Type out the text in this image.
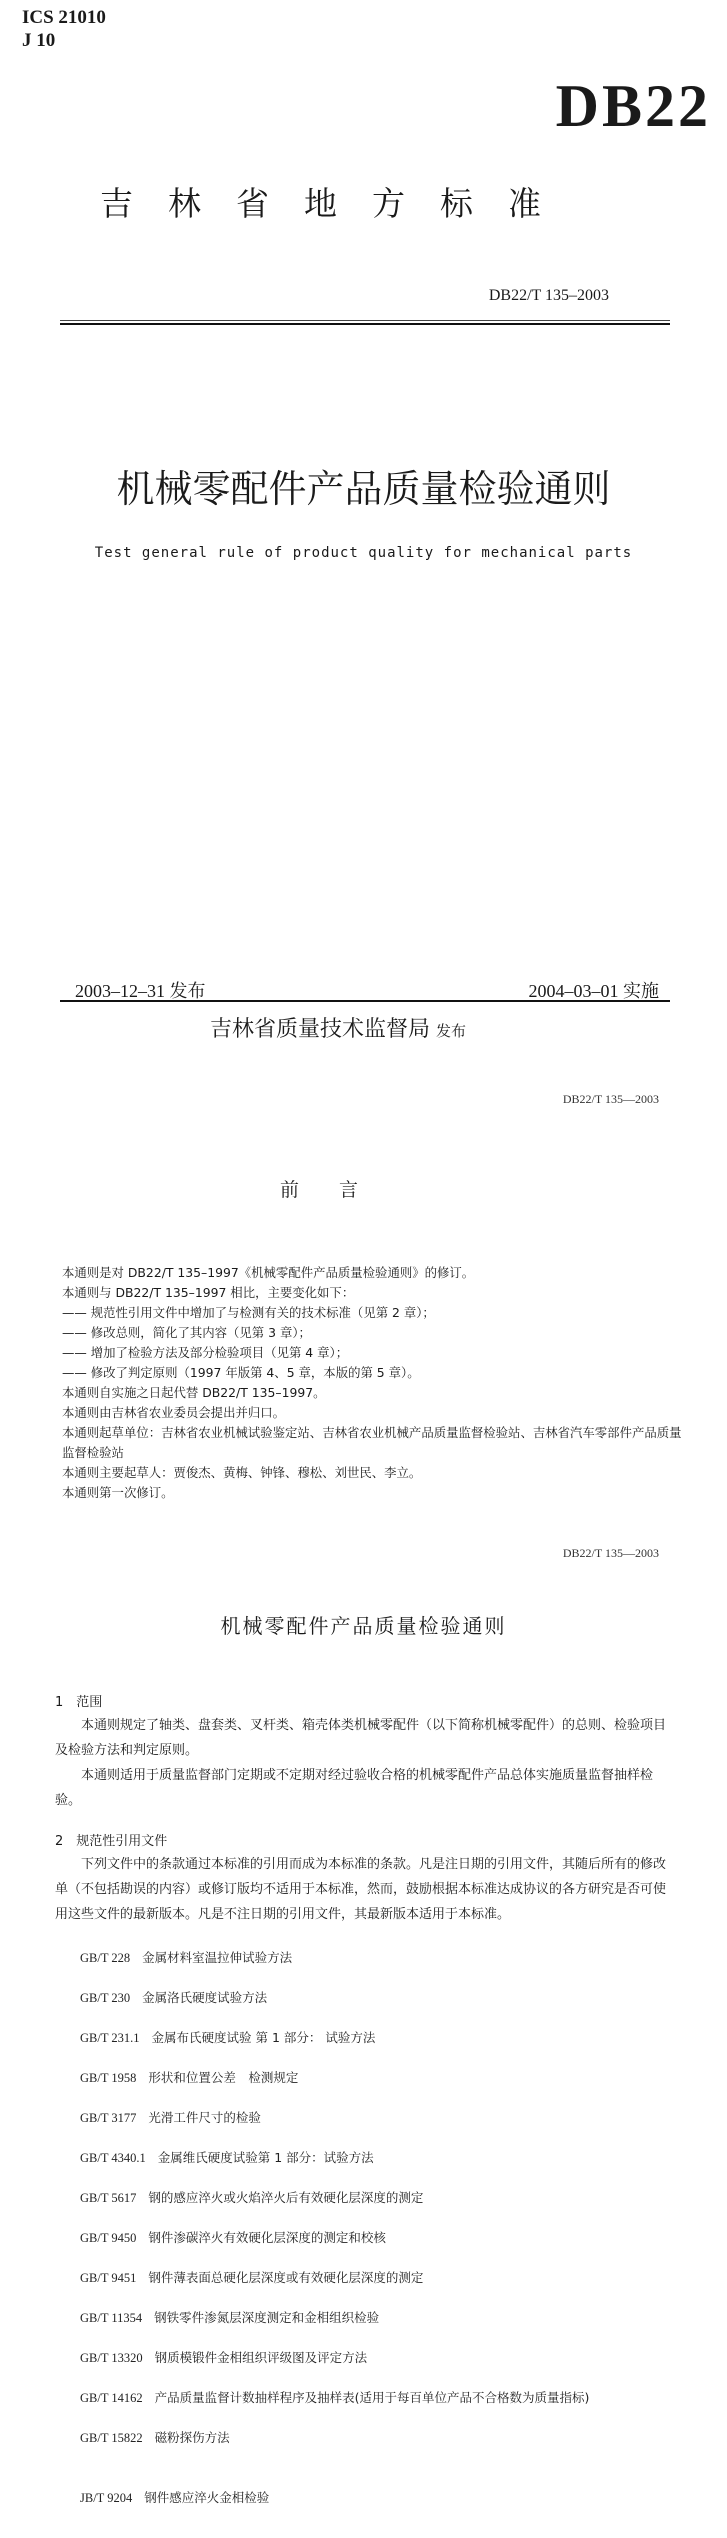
ICS 21010
J 10
DB22
吉林省地方标准
DB22/T 135–2003
机械零配件产品质量检验通则
Test general rule of product quality for mechanical parts
2003–12–31 发布	2004–03–01 实施
吉林省质量技术监督局 发布
DB22/T 135—2003
前言
本通则是对 DB22/T 135–1997《机械零配件产品质量检验通则》的修订。
本通则与 DB22/T 135–1997 相比，主要变化如下：
—— 规范性引用文件中增加了与检测有关的技术标准（见第 2 章）；
—— 修改总则，简化了其内容（见第 3 章）；
—— 增加了检验方法及部分检验项目（见第 4 章）；
—— 修改了判定原则（1997 年版第 4、5 章，本版的第 5 章）。
本通则自实施之日起代替 DB22/T 135–1997。
本通则由吉林省农业委员会提出并归口。
本通则起草单位：吉林省农业机械试验鉴定站、吉林省农业机械产品质量监督检验站、吉林省汽车零部件产品质量监督检验站
本通则主要起草人：贾俊杰、黄梅、钟锋、穆松、刘世民、李立。
本通则第一次修订。
DB22/T 135—2003
机械零配件产品质量检验通则
1　范围
本通则规定了轴类、盘套类、叉杆类、箱壳体类机械零配件（以下简称机械零配件）的总则、检验项目及检验方法和判定原则。
本通则适用于质量监督部门定期或不定期对经过验收合格的机械零配件产品总体实施质量监督抽样检验。
2　规范性引用文件
下列文件中的条款通过本标准的引用而成为本标准的条款。凡是注日期的引用文件，其随后所有的修改单（不包括勘误的内容）或修订版均不适用于本标准，然而，鼓励根据本标准达成协议的各方研究是否可使用这些文件的最新版本。凡是不注日期的引用文件，其最新版本适用于本标准。
GB/T 228 金属材料室温拉伸试验方法
GB/T 230 金属洛氏硬度试验方法
GB/T 231.1 金属布氏硬度试验 第 1 部分： 试验方法
GB/T 1958 形状和位置公差　检测规定
GB/T 3177 光滑工件尺寸的检验
GB/T 4340.1 金属维氏硬度试验第 1 部分：试验方法
GB/T 5617 钢的感应淬火或火焰淬火后有效硬化层深度的测定
GB/T 9450 钢件渗碳淬火有效硬化层深度的测定和校核
GB/T 9451 钢件薄表面总硬化层深度或有效硬化层深度的测定
GB/T 11354 钢铁零件渗氮层深度测定和金相组织检验
GB/T 13320 钢质模锻件金相组织评级图及评定方法
GB/T 14162 产品质量监督计数抽样程序及抽样表(适用于每百单位产品不合格数为质量指标)
GB/T 15822 磁粉探伤方法
JB/T 9204 钢件感应淬火金相检验
